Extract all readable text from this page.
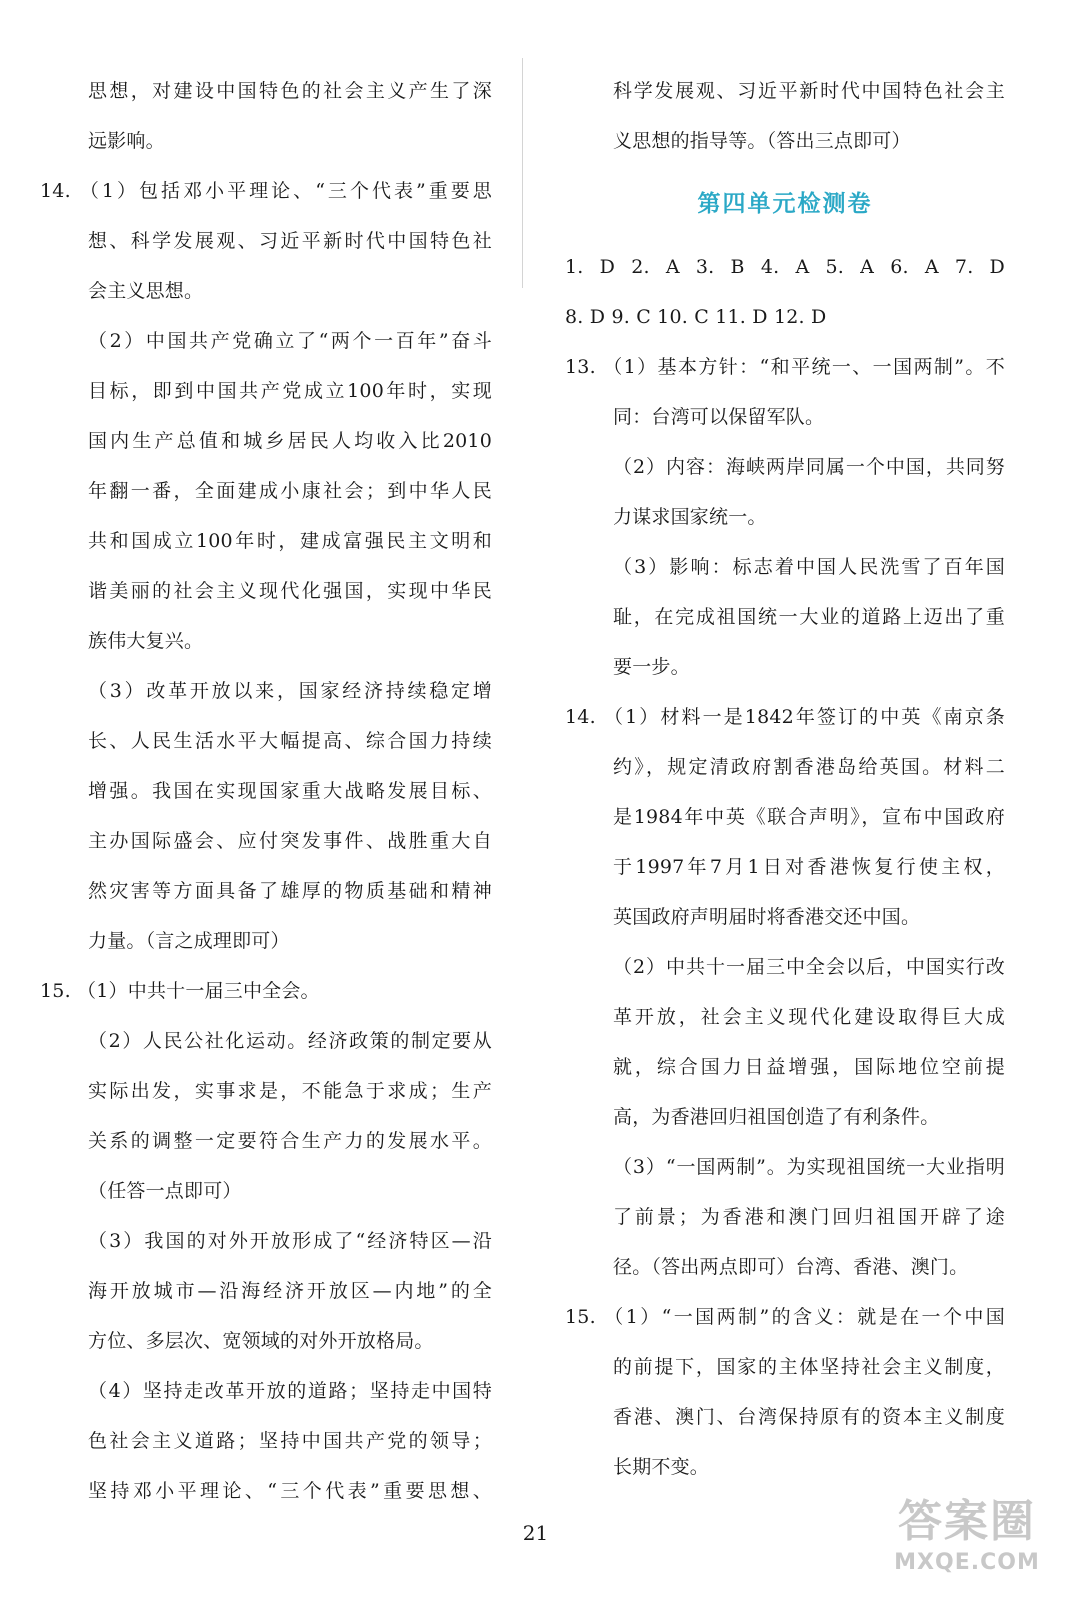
思想，对建设中国特色的社会主义产生了深
远影响。
14. （1）包括邓小平理论、“三个代表”重要思
想、科学发展观、习近平新时代中国特色社
会主义思想。
（2）中国共产党确立了“两个一百年”奋斗
目标，即到中国共产党成立100年时，实现
国内生产总值和城乡居民人均收入比2010
年翻一番，全面建成小康社会；到中华人民
共和国成立100年时，建成富强民主文明和
谐美丽的社会主义现代化强国，实现中华民
族伟大复兴。
（3）改革开放以来，国家经济持续稳定增
长、人民生活水平大幅提高、综合国力持续
增强。我国在实现国家重大战略发展目标、
主办国际盛会、应付突发事件、战胜重大自
然灾害等方面具备了雄厚的物质基础和精神
力量。（言之成理即可）
15. （1）中共十一届三中全会。
（2）人民公社化运动。经济政策的制定要从
实际出发，实事求是，不能急于求成；生产
关系的调整一定要符合生产力的发展水平。
（任答一点即可）
（3）我国的对外开放形成了“经济特区—沿
海开放城市—沿海经济开放区—内地”的全
方位、多层次、宽领域的对外开放格局。
（4）坚持走改革开放的道路；坚持走中国特
色社会主义道路；坚持中国共产党的领导；
坚持邓小平理论、“三个代表”重要思想、
科学发展观、习近平新时代中国特色社会主
义思想的指导等。（答出三点即可）
第四单元检测卷
1. D 2. A 3. B 4. A 5. A 6. A 7. D
8. D 9. C 10. C 11. D 12. D
13. （1）基本方针：“和平统一、一国两制”。不
同：台湾可以保留军队。
（2）内容：海峡两岸同属一个中国，共同努
力谋求国家统一。
（3）影响：标志着中国人民洗雪了百年国
耻，在完成祖国统一大业的道路上迈出了重
要一步。
14. （1）材料一是1842年签订的中英《南京条
约》，规定清政府割香港岛给英国。材料二
是1984年中英《联合声明》，宣布中国政府
于1997年7月1日对香港恢复行使主权，
英国政府声明届时将香港交还中国。
（2）中共十一届三中全会以后，中国实行改
革开放，社会主义现代化建设取得巨大成
就，综合国力日益增强，国际地位空前提
高，为香港回归祖国创造了有利条件。
（3）“一国两制”。为实现祖国统一大业指明
了前景；为香港和澳门回归祖国开辟了途
径。（答出两点即可）台湾、香港、澳门。
15. （1）“一国两制”的含义：就是在一个中国
的前提下，国家的主体坚持社会主义制度，
香港、澳门、台湾保持原有的资本主义制度
长期不变。
21	答案圈
MXQE.COM
